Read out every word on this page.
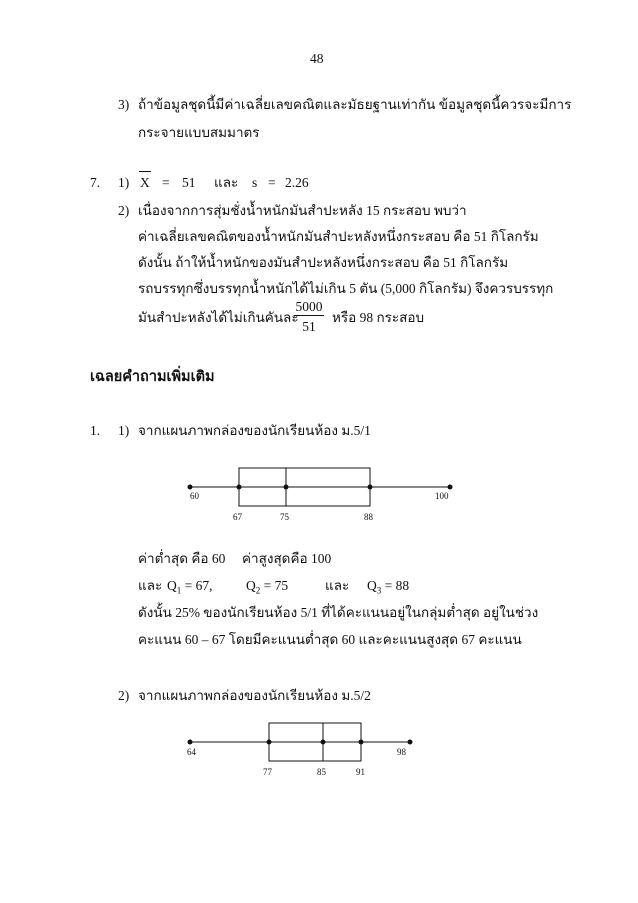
48
3) ถ้าข้อมูลชุดนี้มีค่าเฉลี่ยเลขคณิตและมัธยฐานเท่ากัน ข้อมูลชุดนี้ควรจะมีการ
กระจายแบบสมมาตร
7. 1) X = 51 และ s = 2.26
2) เนื่องจากการสุ่มชั่งน้ำหนักมันสำปะหลัง 15 กระสอบ พบว่า
ค่าเฉลี่ยเลขคณิตของน้ำหนักมันสำปะหลังหนึ่งกระสอบ คือ 51 กิโลกรัม
ดังนั้น ถ้าให้น้ำหนักของมันสำปะหลังหนึ่งกระสอบ คือ 51 กิโลกรัม
รถบรรทุกซึ่งบรรทุกน้ำหนักได้ไม่เกิน 5 ตัน (5,000 กิโลกรัม) จึงควรบรรทุก
มันสำปะหลังได้ไม่เกินคันละ
5000
51
หรือ 98 กระสอบ
เฉลยคำถามเพิ่มเติม
1. 1) จากแผนภาพกล่องของนักเรียนห้อง ม.5/1
60
67	75	88
100
ค่าต่ำสุด คือ 60 ค่าสูงสุดคือ 100
และ $Q_1 = 67$, $Q_2 = 75$	และ $Q_3 = 88$
ดังนั้น 25% ของนักเรียนห้อง 5/1 ที่ได้คะแนนอยู่ในกลุ่มต่ำสุด อยู่ในช่วง
คะแนน 60 – 67 โดยมีคะแนนต่ำสุด 60 และคะแนนสูงสุด 67 คะแนน
2) จากแผนภาพกล่องของนักเรียนห้อง ม.5/2
64
77	85	91
98
